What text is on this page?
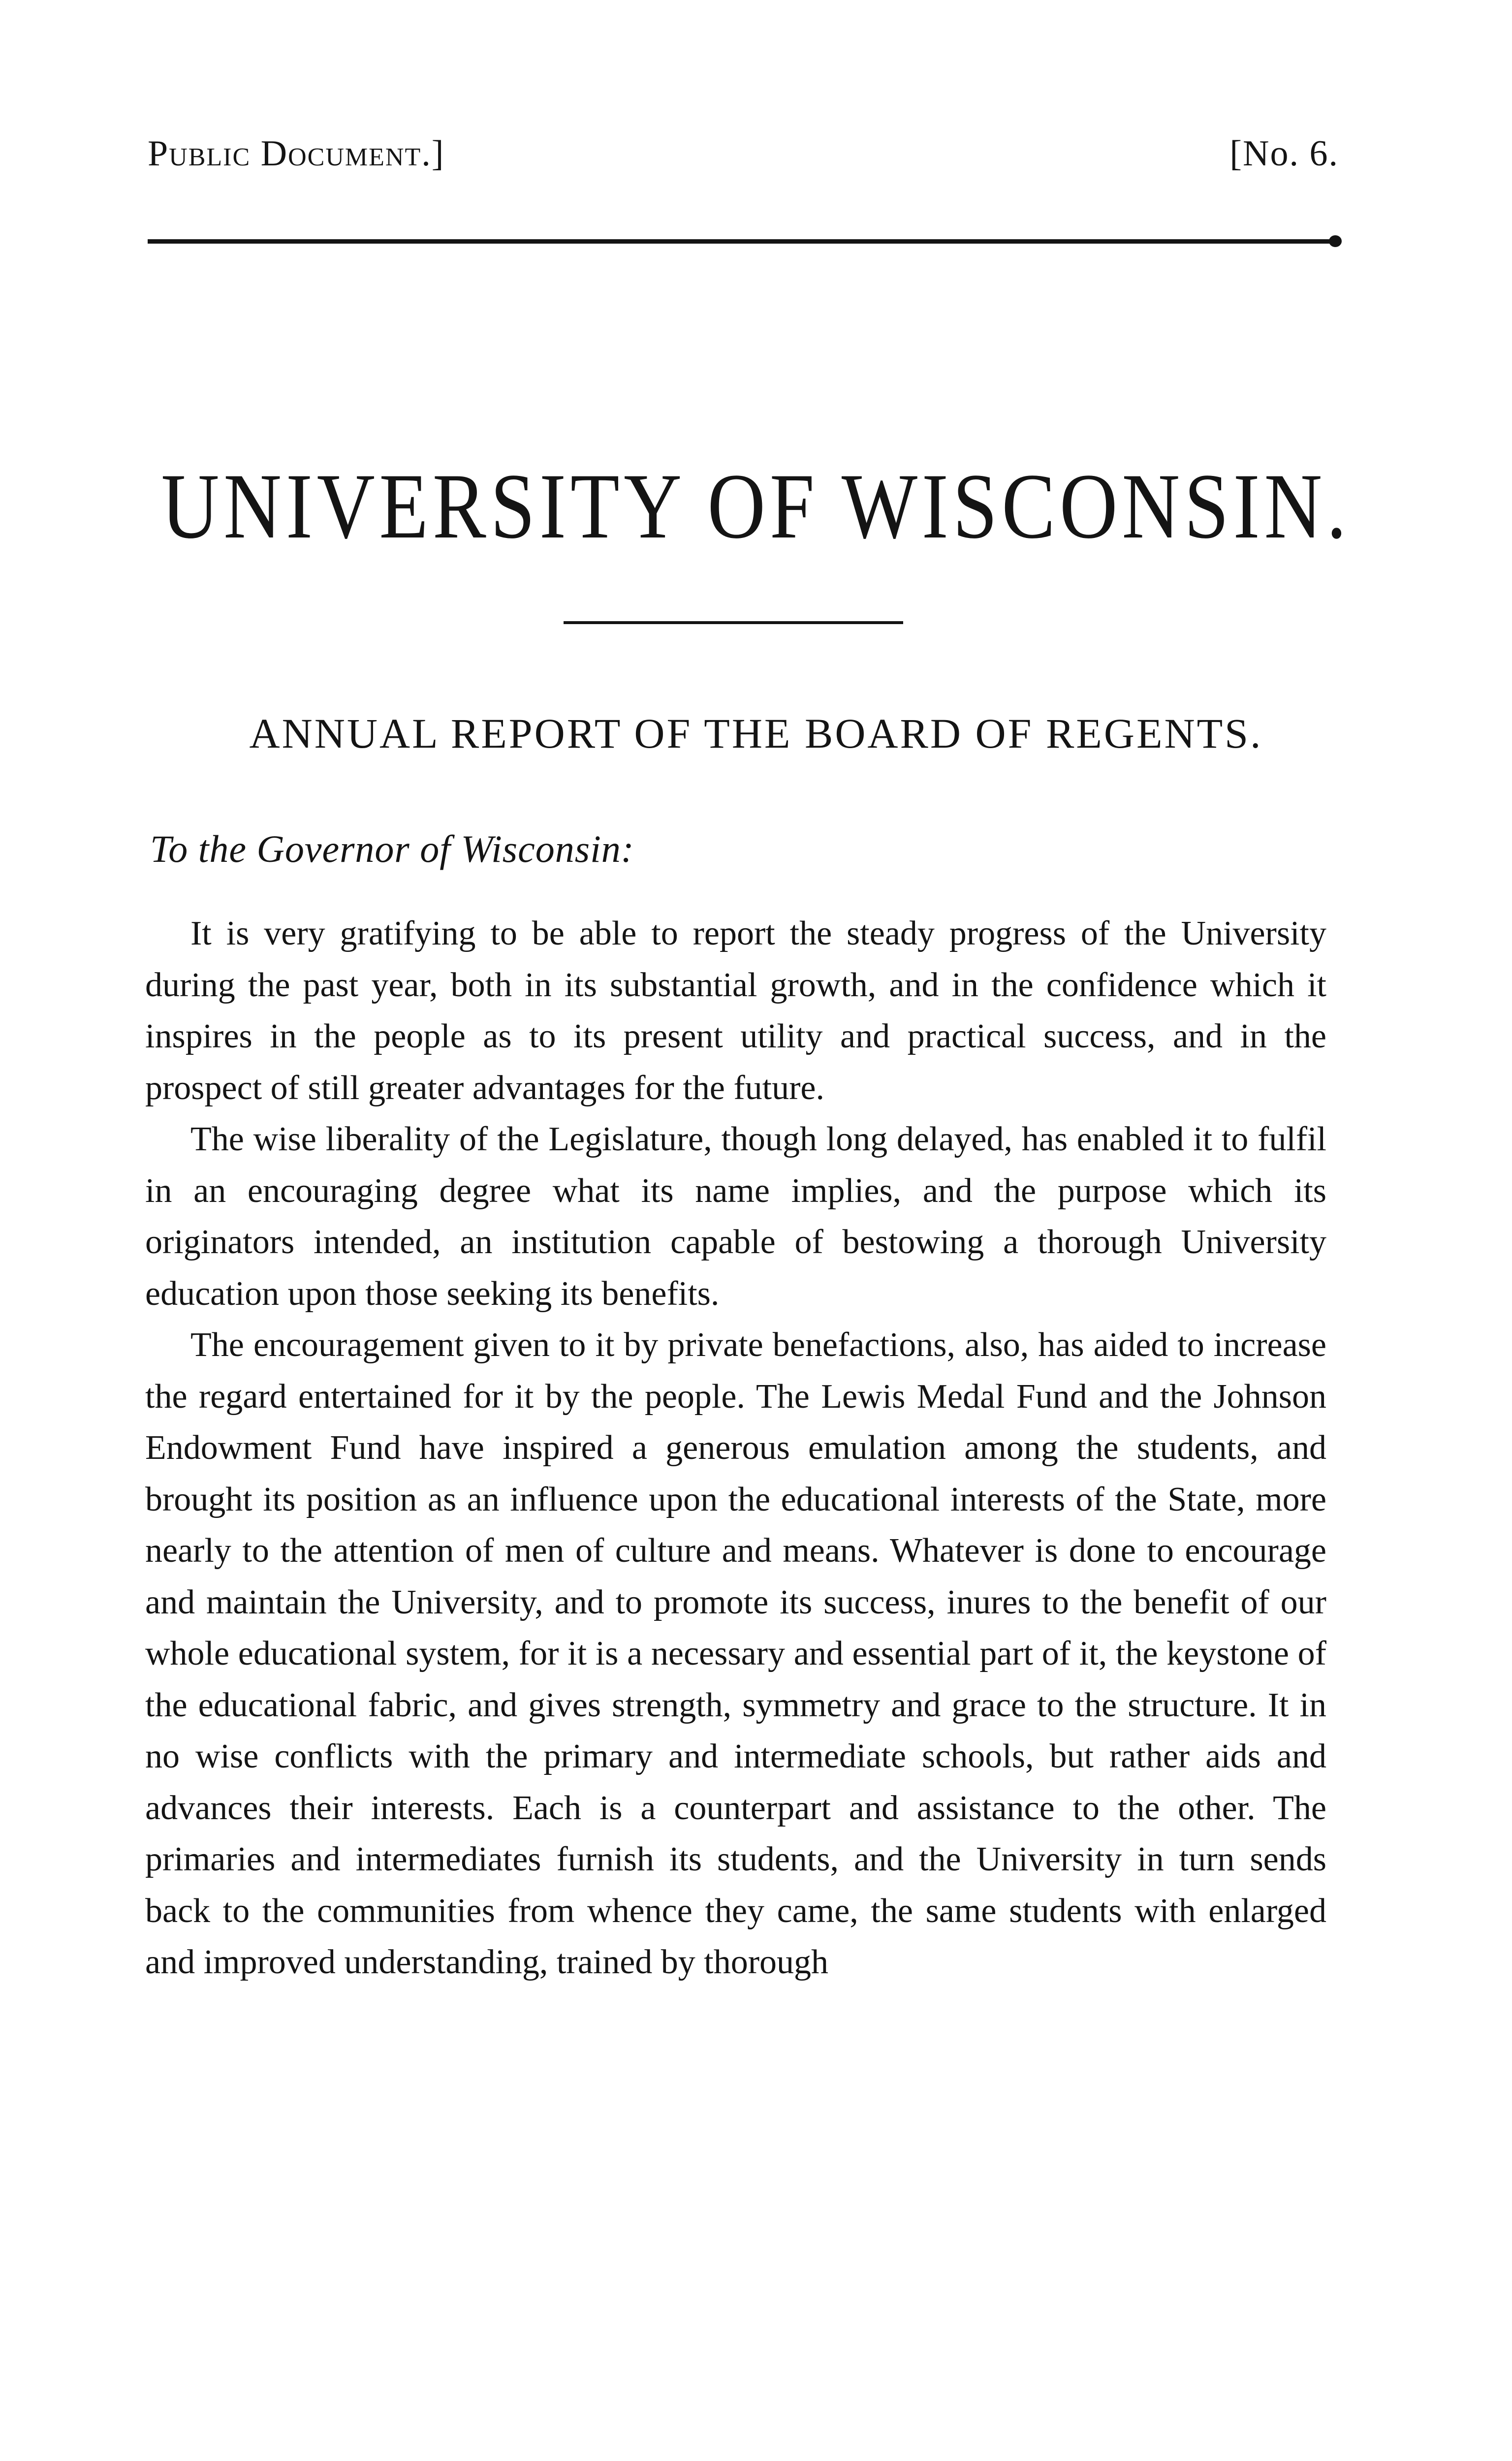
Public Document.]	[No. 6.
UNIVERSITY OF WISCONSIN.
ANNUAL REPORT OF THE BOARD OF REGENTS.
To the Governor of Wisconsin:

It is very gratifying to be able to report the steady progress of the University during the past year, both in its substantial growth, and in the confidence which it inspires in the people as to its present utility and practical success, and in the prospect of still greater advantages for the future.

The wise liberality of the Legislature, though long delayed, has enabled it to fulfil in an encouraging degree what its name implies, and the purpose which its originators intended, an institution capable of bestowing a thorough University education upon those seeking its benefits.

The encouragement given to it by private benefactions, also, has aided to increase the regard entertained for it by the people. The Lewis Medal Fund and the Johnson Endowment Fund have inspired a generous emulation among the students, and brought its position as an influence upon the educational interests of the State, more nearly to the attention of men of culture and means. Whatever is done to encourage and maintain the University, and to promote its success, inures to the benefit of our whole educational system, for it is a necessary and essential part of it, the keystone of the educational fabric, and gives strength, symmetry and grace to the structure. It in no wise conflicts with the primary and intermediate schools, but rather aids and advances their interests. Each is a counterpart and assistance to the other. The primaries and intermediates furnish its students, and the University in turn sends back to the communities from whence they came, the same students with enlarged and improved understanding, trained by thorough
